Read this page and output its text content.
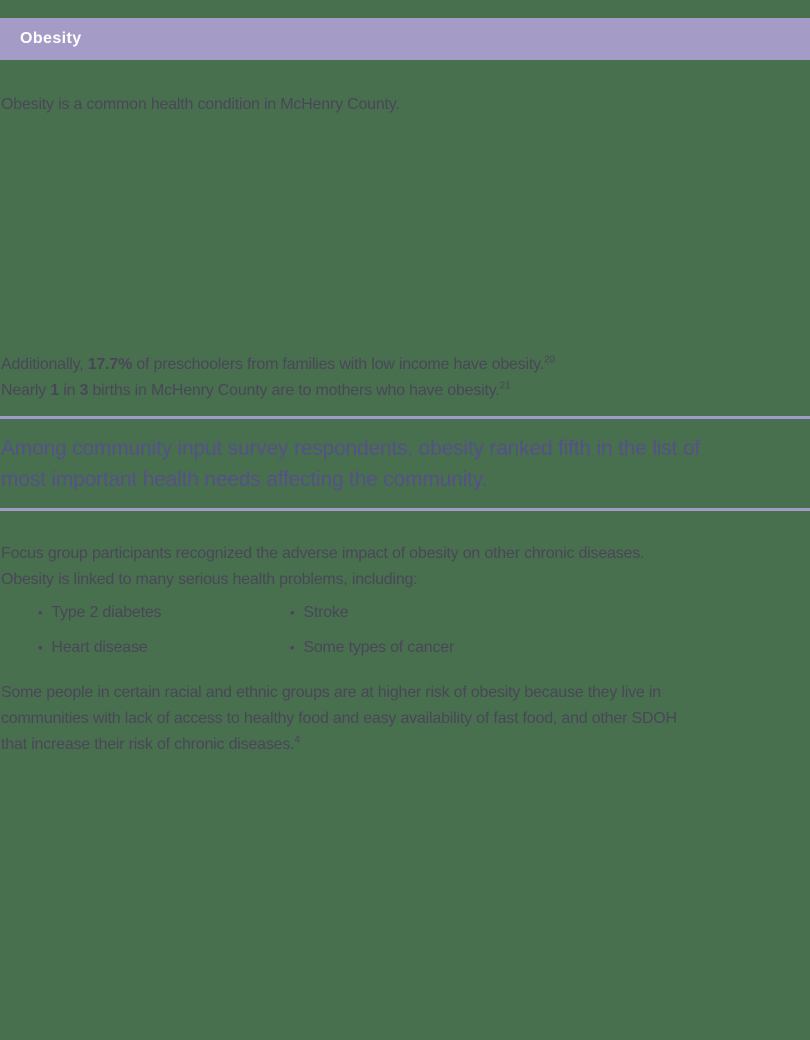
Obesity
Obesity is a common health condition in McHenry County.
Additionally, 17.7% of preschoolers from families with low income have obesity.$^{20}$
Nearly 1 in 3 births in McHenry County are to mothers who have obesity.$^{21}$
Among community input survey respondents, obesity ranked fifth in the list of
most important health needs affecting the community.
Focus group participants recognized the adverse impact of obesity on other chronic diseases.
Obesity is linked to many serious health problems, including:
• Type 2 diabetes
• Heart disease
• Stroke
• Some types of cancer
Some people in certain racial and ethnic groups are at higher risk of obesity because they live in
communities with lack of access to healthy food and easy availability of fast food, and other SDOH
that increase their risk of chronic diseases.$^4$
